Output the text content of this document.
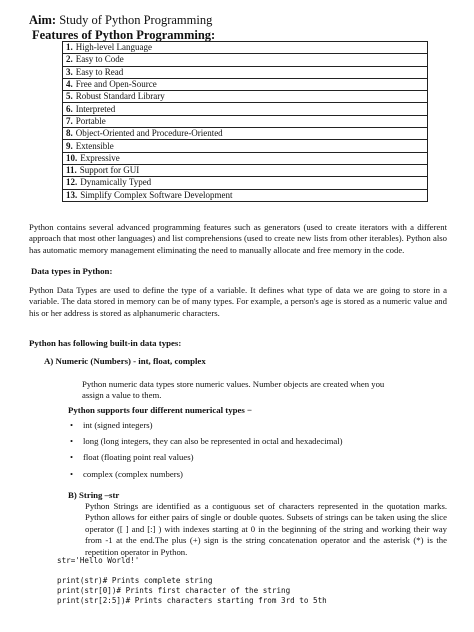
Aim: Study of Python Programming
Features of Python Programming:
1. High-level Language
2. Easy to Code
3. Easy to Read
4. Free and Open-Source
5. Robust Standard Library
6. Interpreted
7. Portable
8. Object-Oriented and Procedure-Oriented
9. Extensible
10. Expressive
11. Support for GUI
12. Dynamically Typed
13. Simplify Complex Software Development
Python contains several advanced programming features such as generators (used to create iterators with a different approach that most other languages) and list comprehensions (used to create new lists from other iterables). Python also has automatic memory management eliminating the need to manually allocate and free memory in the code.
Data types in Python:
Python Data Types are used to define the type of a variable. It defines what type of data we are going to store in a variable. The data stored in memory can be of many types. For example, a person's age is stored as a numeric value and his or her address is stored as alphanumeric characters.
Python has following built-in data types:
A) Numeric (Numbers) - int, float, complex
Python numeric data types store numeric values. Number objects are created when you assign a value to them.
Python supports four different numerical types −
• int (signed integers)
• long (long integers, they can also be represented in octal and hexadecimal)
• float (floating point real values)
• complex (complex numbers)
B) String –str
Python Strings are identified as a contiguous set of characters represented in the quotation marks. Python allows for either pairs of single or double quotes. Subsets of strings can be taken using the slice operator ([ ] and [:] ) with indexes starting at 0 in the beginning of the string and working their way from -1 at the end.The plus (+) sign is the string concatenation operator and the asterisk (*) is the repetition operator in Python.
str='Hello World!'
print(str)# Prints complete string
print(str[0])# Prints first character of the string
print(str[2:5])# Prints characters starting from 3rd to 5th
